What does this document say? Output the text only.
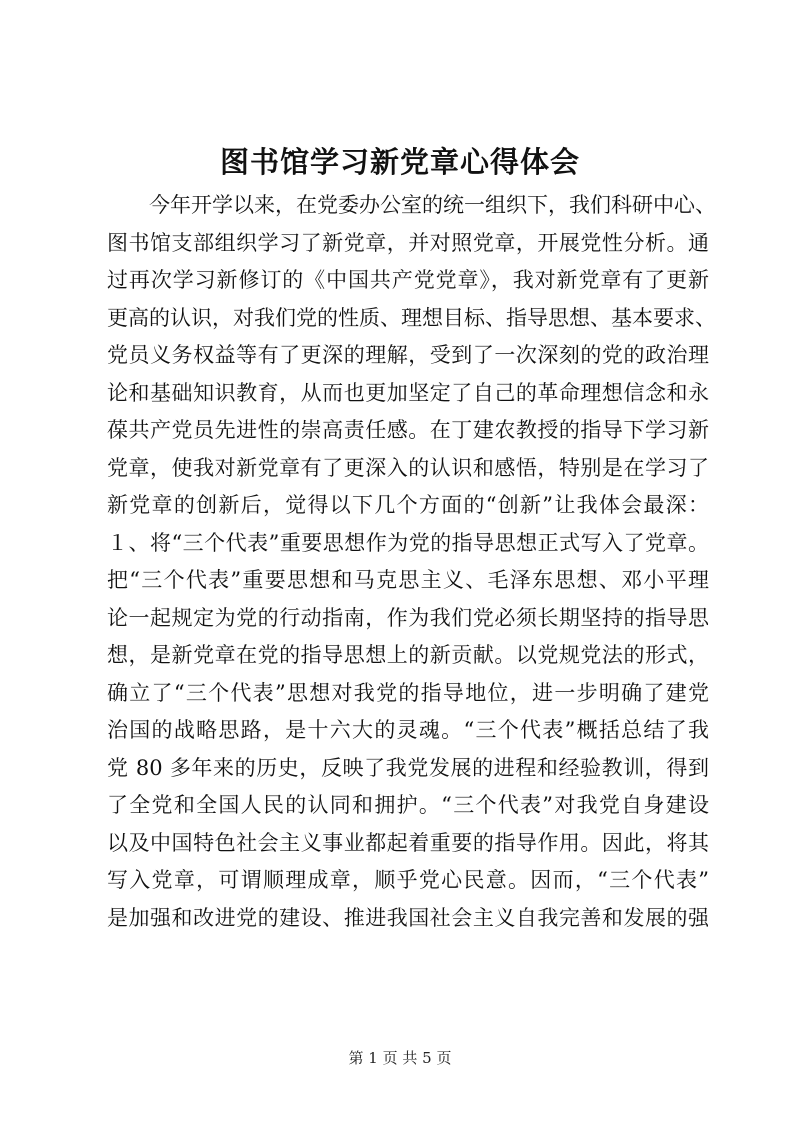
图书馆学习新党章心得体会
　　今年开学以来，在党委办公室的统一组织下，我们科研中心、
图书馆支部组织学习了新党章，并对照党章，开展党性分析。通
过再次学习新修订的《中国共产党党章》，我对新党章有了更新
更高的认识，对我们党的性质、理想目标、指导思想、基本要求、
党员义务权益等有了更深的理解，受到了一次深刻的党的政治理
论和基础知识教育，从而也更加坚定了自己的革命理想信念和永
葆共产党员先进性的崇高责任感。在丁建农教授的指导下学习新
党章，使我对新党章有了更深入的认识和感悟，特别是在学习了
新党章的创新后，觉得以下几个方面的“创新”让我体会最深：
１、将“三个代表”重要思想作为党的指导思想正式写入了党章。
把“三个代表”重要思想和马克思主义、毛泽东思想、邓小平理
论一起规定为党的行动指南，作为我们党必须长期坚持的指导思
想，是新党章在党的指导思想上的新贡献。以党规党法的形式，
确立了“三个代表”思想对我党的指导地位，进一步明确了建党
治国的战略思路，是十六大的灵魂。“三个代表”概括总结了我
党 80 多年来的历史，反映了我党发展的进程和经验教训，得到
了全党和全国人民的认同和拥护。“三个代表”对我党自身建设
以及中国特色社会主义事业都起着重要的指导作用。因此，将其
写入党章，可谓顺理成章，顺乎党心民意。因而，“三个代表”
是加强和改进党的建设、推进我国社会主义自我完善和发展的强
第 1 页 共 5 页
